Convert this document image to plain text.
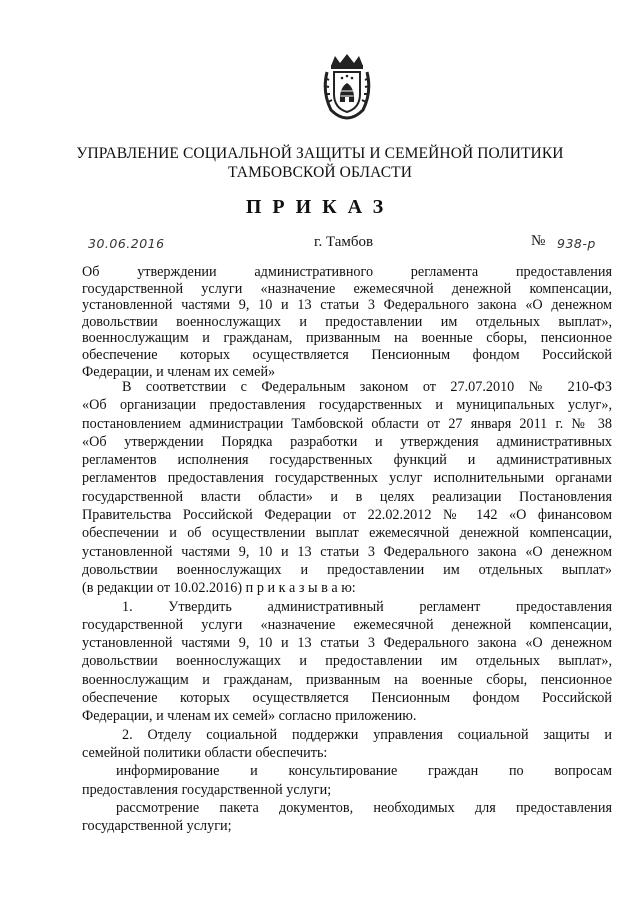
УПРАВЛЕНИЕ СОЦИАЛЬНОЙ ЗАЩИТЫ И СЕМЕЙНОЙ ПОЛИТИКИ
ТАМБОВСКОЙ ОБЛАСТИ
ПРИКАЗ
30.06.2016	г. Тамбов	№ 938-р
Об утверждении административного регламента предоставления
государственной услуги «назначение ежемесячной денежной компенсации,
установленной частями 9, 10 и 13 статьи 3 Федерального закона «О денежном
довольствии военнослужащих и предоставлении им отдельных выплат»,
военнослужащим и гражданам, призванным на военные сборы, пенсионное
обеспечение которых осуществляется Пенсионным фондом Российской
Федерации, и членам их семей»
В соответствии с Федеральным законом от 27.07.2010 № 210-ФЗ
«Об организации предоставления государственных и муниципальных услуг»,
постановлением администрации Тамбовской области от 27 января 2011 г. № 38
«Об утверждении Порядка разработки и утверждения административных
регламентов исполнения государственных функций и административных
регламентов предоставления государственных услуг исполнительными органами
государственной власти области» и в целях реализации Постановления
Правительства Российской Федерации от 22.02.2012 № 142 «О финансовом
обеспечении и об осуществлении выплат ежемесячной денежной компенсации,
установленной частями 9, 10 и 13 статьи 3 Федерального закона «О денежном
довольствии военнослужащих и предоставлении им отдельных выплат»
(в редакции от 10.02.2016) п р и к а з ы в а ю:
1. Утвердить административный регламент предоставления
государственной услуги «назначение ежемесячной денежной компенсации,
установленной частями 9, 10 и 13 статьи 3 Федерального закона «О денежном
довольствии военнослужащих и предоставлении им отдельных выплат»,
военнослужащим и гражданам, призванным на военные сборы, пенсионное
обеспечение которых осуществляется Пенсионным фондом Российской
Федерации, и членам их семей» согласно приложению.
2. Отделу социальной поддержки управления социальной защиты и
семейной политики области обеспечить:
информирование и консультирование граждан по вопросам
предоставления государственной услуги;
рассмотрение пакета документов, необходимых для предоставления
государственной услуги;
